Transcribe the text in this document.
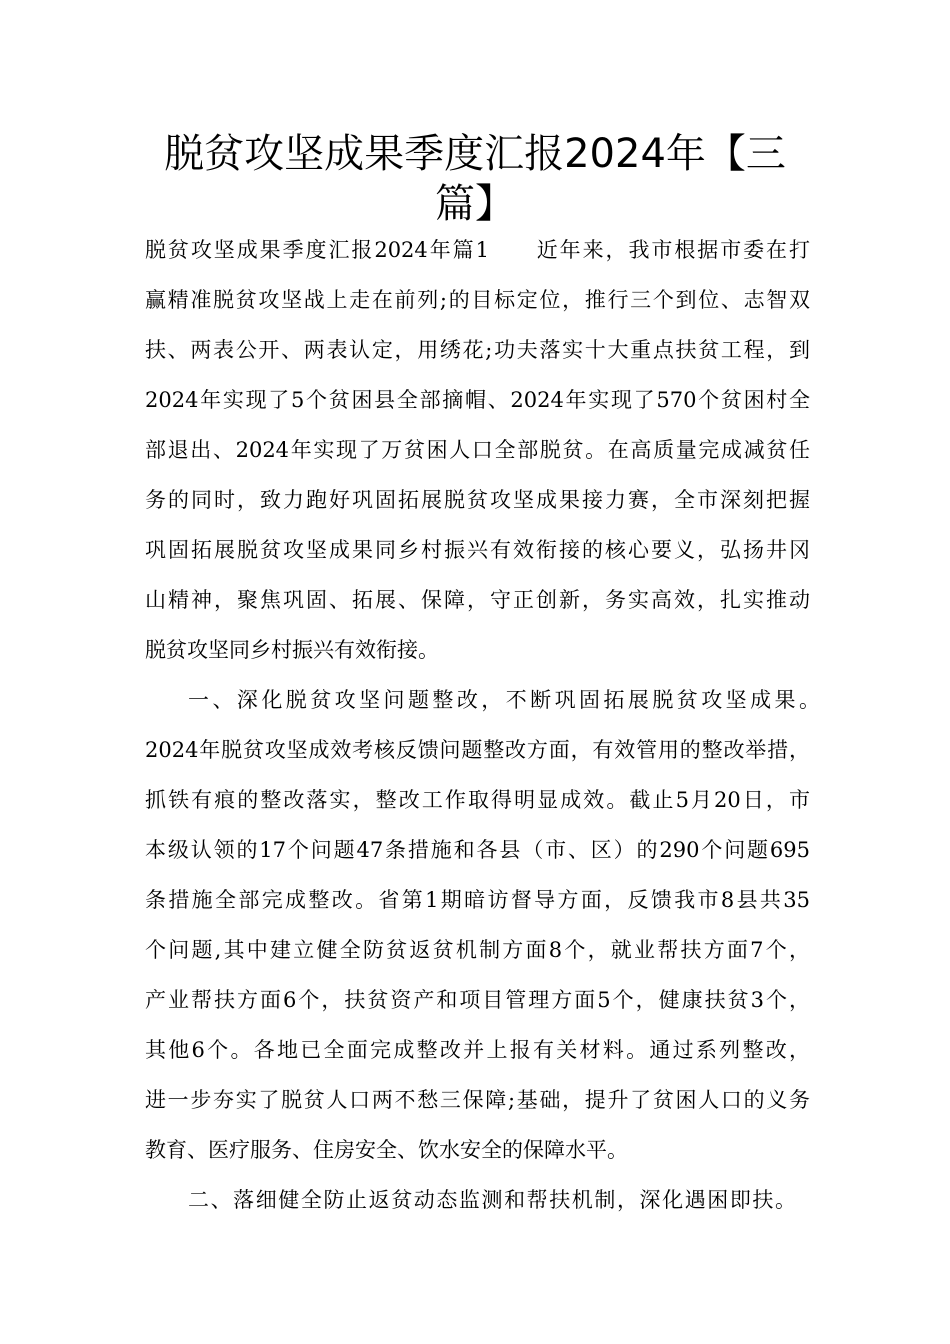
脱贫攻坚成果季度汇报2024年【三
篇】
脱贫攻坚成果季度汇报2024年篇1　　近年来，我市根据市委在打
赢精准脱贫攻坚战上走在前列;的目标定位，推行三个到位、志智双
扶、两表公开、两表认定，用绣花;功夫落实十大重点扶贫工程，到
2024年实现了5个贫困县全部摘帽、2024年实现了570个贫困村全
部退出、2024年实现了万贫困人口全部脱贫。在高质量完成减贫任
务的同时，致力跑好巩固拓展脱贫攻坚成果接力赛，全市深刻把握
巩固拓展脱贫攻坚成果同乡村振兴有效衔接的核心要义，弘扬井冈
山精神，聚焦巩固、拓展、保障，守正创新，务实高效，扎实推动
脱贫攻坚同乡村振兴有效衔接。
一、深化脱贫攻坚问题整改，不断巩固拓展脱贫攻坚成果。
2024年脱贫攻坚成效考核反馈问题整改方面，有效管用的整改举措，
抓铁有痕的整改落实，整改工作取得明显成效。截止5月20日，市
本级认领的17个问题47条措施和各县（市、区）的290个问题695
条措施全部完成整改。省第1期暗访督导方面，反馈我市8县共35
个问题,其中建立健全防贫返贫机制方面8个，就业帮扶方面7个，
产业帮扶方面6个，扶贫资产和项目管理方面5个，健康扶贫3个，
其他6个。各地已全面完成整改并上报有关材料。通过系列整改，
进一步夯实了脱贫人口两不愁三保障;基础，提升了贫困人口的义务
教育、医疗服务、住房安全、饮水安全的保障水平。
二、落细健全防止返贫动态监测和帮扶机制，深化遇困即扶。
